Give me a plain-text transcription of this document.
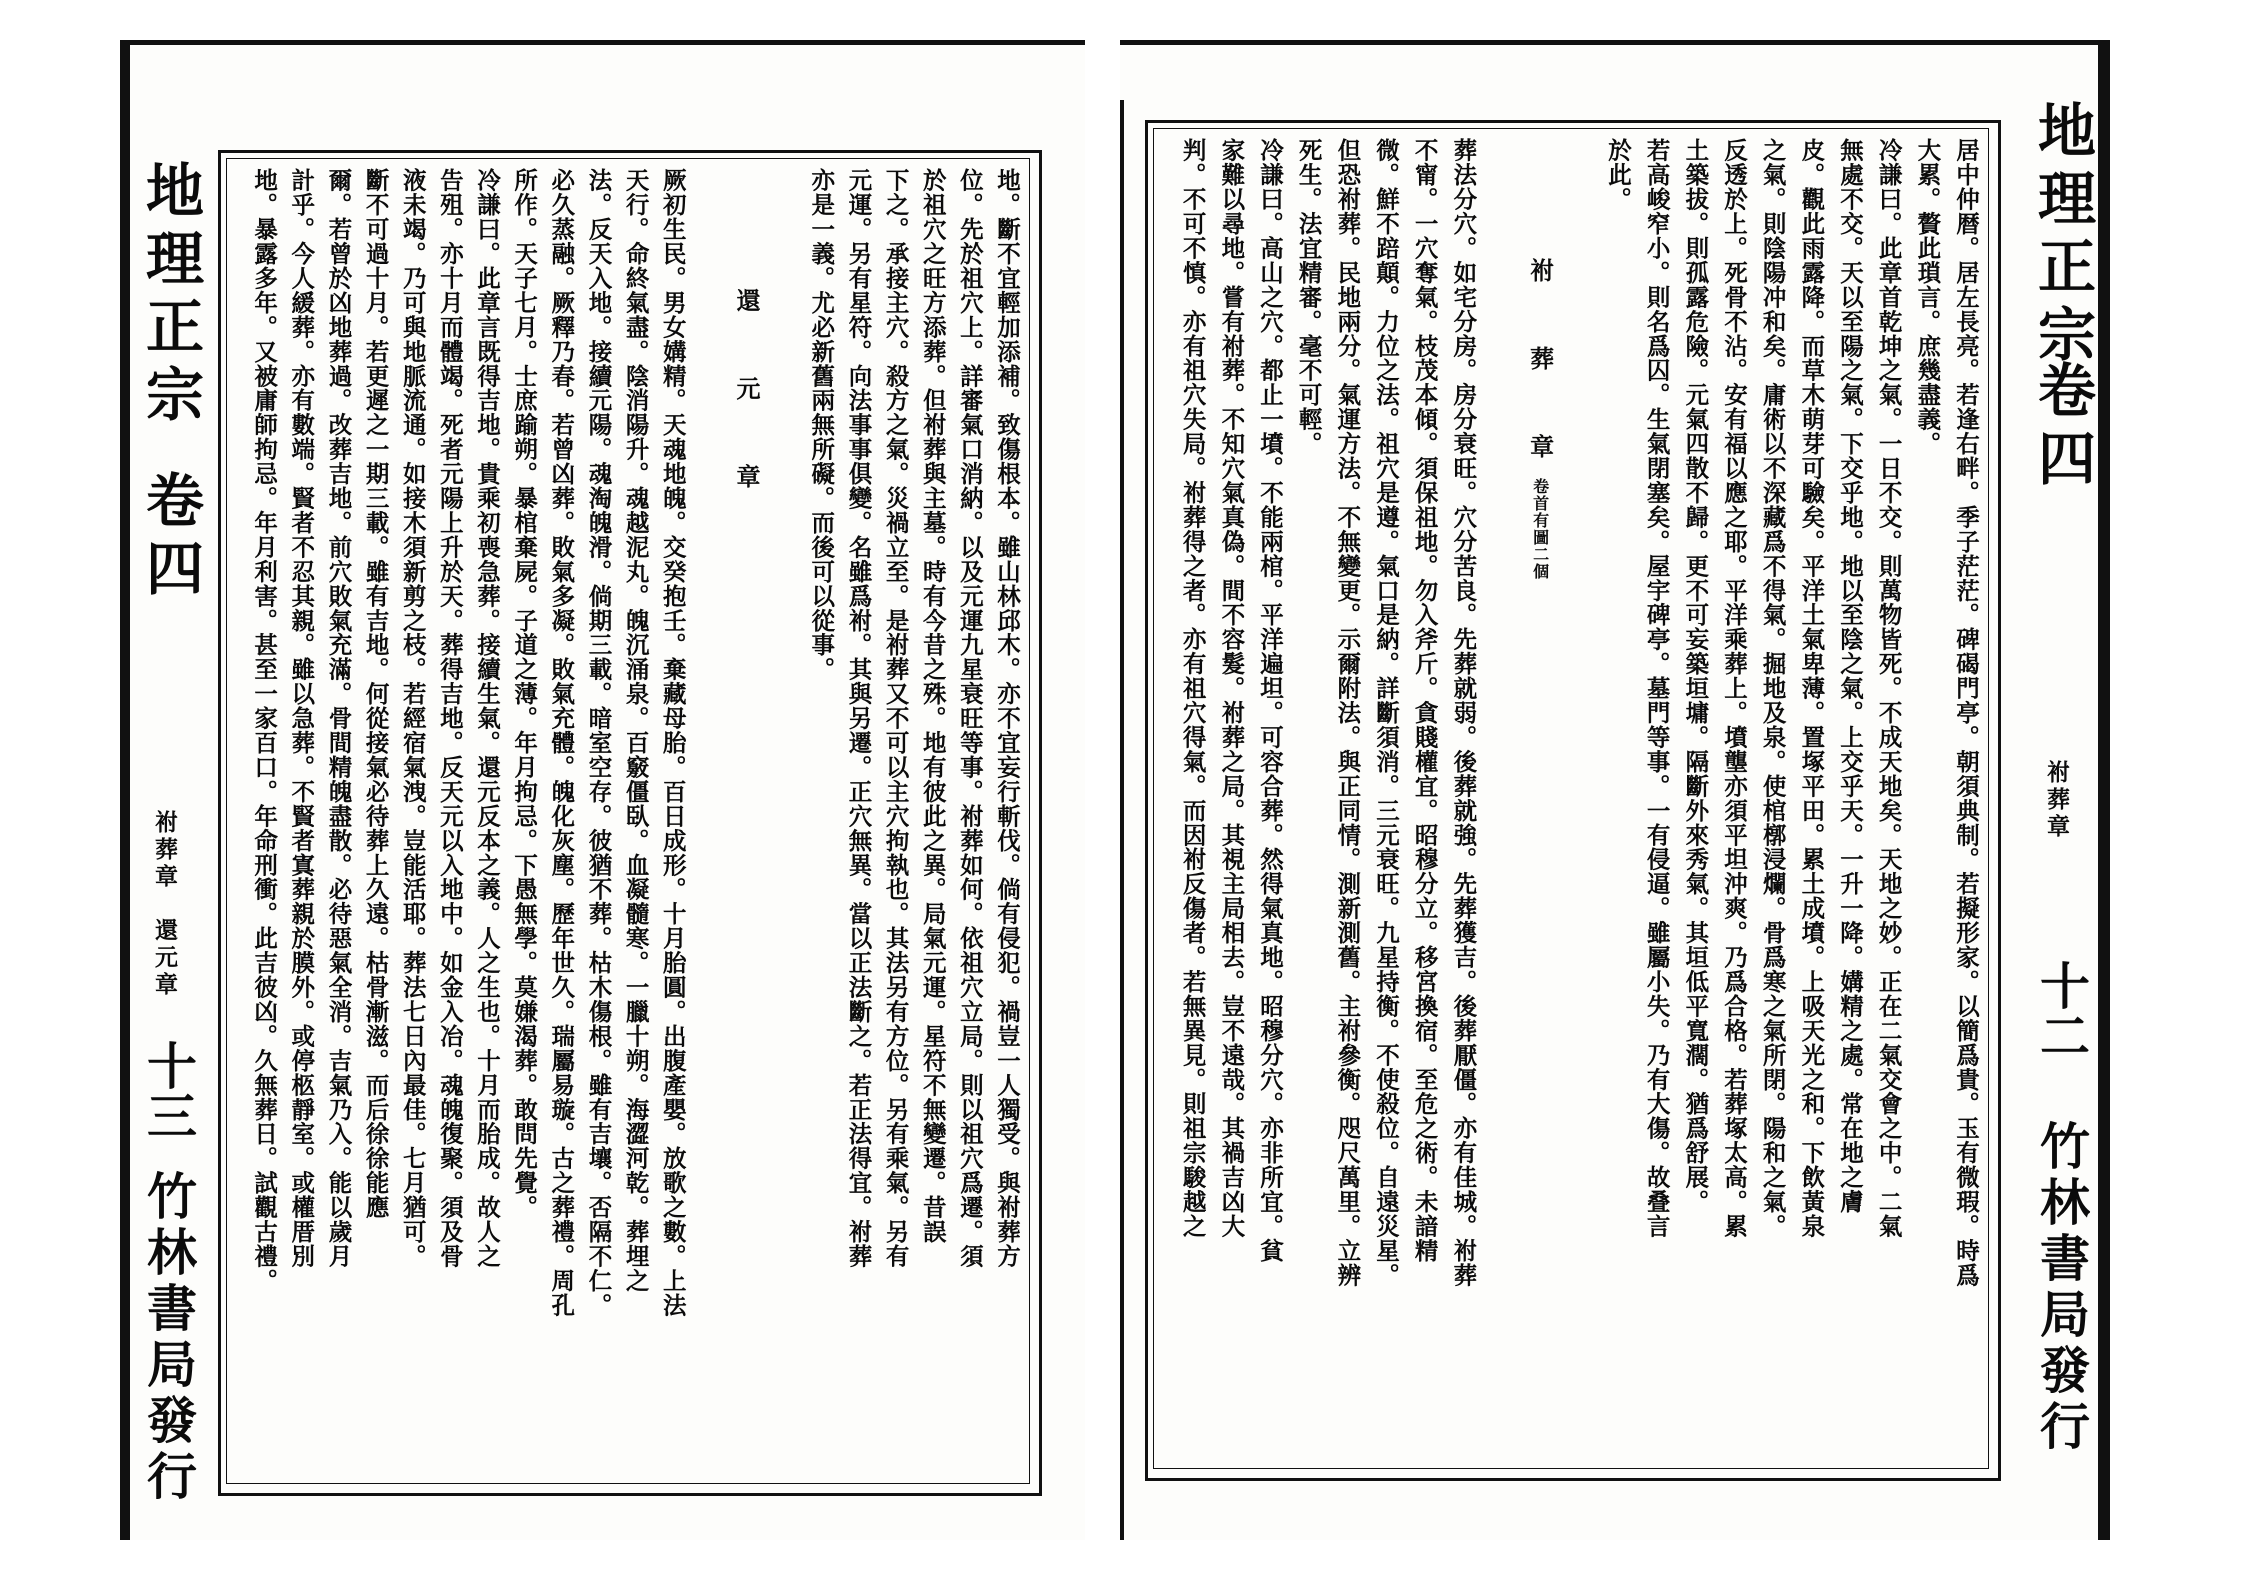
地理正宗
卷四
祔葬章　還元章
十三
竹林書局發行
地。斷不宜輕加添補。致傷根本。雖山林邱木。亦不宜妄行斬伐。倘有侵犯。禍豈一人獨受。與祔葬方
位。先於祖穴上。詳審氣口消納。以及元運九星衰旺等事。祔葬如何。依祖穴立局。則以祖穴爲遷。須
於祖穴之旺方添葬。但祔葬與主墓。時有今昔之殊。地有彼此之異。局氣元運。星符不無變遷。昔誤
下之。承接主穴。殺方之氣。災禍立至。是祔葬又不可以主穴拘執也。其法另有方位。另有乘氣。另有
元運。另有星符。向法事事俱變。名雖爲祔。其與另遷。正穴無異。當以正法斷之。若正法得宜。祔葬
亦是一義。尤必新舊兩無所礙。而後可以從事。
還　元　章
厥初生民。男女媾精。天魂地魄。交癸抱壬。棄藏母胎。百日成形。十月胎圓。出腹產嬰。放歌之數。上法
天行。命終氣盡。陰消陽升。魂越泥丸。魄沉涌泉。百竅僵臥。血凝髓寒。一臘十朔。海澀河乾。葬埋之
法。反天入地。接續元陽。魂淘魄滑。倘期三載。暗室空存。彼猶不葬。枯木傷根。雖有吉壤。否隔不仁。
必久蒸融。厥釋乃春。若曾凶葬。敗氣多凝。敗氣充體。魄化灰塵。歷年世久。瑞屬易璇。古之葬禮。周孔
所作。天子七月。士庶踰朔。暴棺棄屍。子道之薄。年月拘忌。下愚無學。莫嫌渴葬。敢問先覺。
冷謙曰。此章言既得吉地。貴乘初喪急葬。接續生氣。還元反本之義。人之生也。十月而胎成。故人之
告殂。亦十月而體竭。死者元陽上升於天。葬得吉地。反天元以入地中。如金入冶。魂魄復聚。須及骨
液未竭。乃可與地脈流通。如接木須新剪之枝。若經宿氣洩。豈能活耶。葬法七日內最佳。七月猶可。
斷不可過十月。若更遲之一期三載。雖有吉地。何從接氣必待葬上久遠。枯骨漸滋。而后徐徐能應
爾。若曾於凶地葬過。改葬吉地。前穴敗氣充滿。骨間精魄盡散。必待惡氣全消。吉氣乃入。能以歲月
計乎。今人緩葬。亦有數端。賢者不忍其親。雖以急葬。不賢者寘葬親於膜外。或停柩靜室。或權厝別
地。暴露多年。又被庸師拘忌。年月利害。甚至一家百口。年命刑衝。此吉彼凶。久無葬日。試觀古禮。	地理正宗
卷四
祔葬章
十二
竹林書局發行
居中仲暦。居左長亮。若逢右畔。季子茫茫。碑碣門亭。朝須典制。若擬形家。以簡爲貴。玉有微瑕。時爲
大累。贅此瑣言。庶幾盡義。
冷謙曰。此章首乾坤之氣。一日不交。則萬物皆死。不成天地矣。天地之妙。正在二氣交會之中。二氣
無處不交。天以至陽之氣。下交乎地。地以至陰之氣。上交乎天。一升一降。媾精之處。常在地之膚
皮。觀此雨露降。而草木萌芽可驗矣。平洋土氣卑薄。置塚平田。累土成墳。上吸天光之和。下飲黃泉
之氣。則陰陽冲和矣。庸術以不深藏爲不得氣。掘地及泉。使棺槨浸爛。骨爲寒之氣所閉。陽和之氣。
反透於上。死骨不沾。安有福以應之耶。平洋乘葬上。墳壟亦須平坦沖爽。乃爲合格。若葬塚太高。累
土築拔。則孤露危險。元氣四散不歸。更不可妄築垣墉。隔斷外來秀氣。其垣低平寬濶。猶爲舒展。
若高峻窄小。則名爲囚。生氣閉塞矣。屋宇碑亭。墓門等事。一有侵逼。雖屬小失。乃有大傷。故叠言
於此。
祔　葬　章卷首有圖二個
葬法分穴。如宅分房。房分衰旺。穴分苦良。先葬就弱。後葬就強。先葬獲吉。後葬厭僵。亦有佳城。祔葬
不甯。一穴奪氣。枝茂本傾。須保祖地。勿入斧斤。貪賤權宜。昭穆分立。移宮換宿。至危之術。未諳精
微。鮮不踣顛。力位之法。祖穴是遵。氣口是納。詳斷須消。三元衰旺。九星持衡。不使殺位。自遠災星。
但恐祔葬。民地兩分。氣運方法。不無變更。示爾附法。與正同情。測新測舊。主祔參衡。咫尺萬里。立辨
死生。法宜精審。毫不可輕。
冷謙曰。高山之穴。都止一墳。不能兩棺。平洋遍坦。可容合葬。然得氣真地。昭穆分穴。亦非所宜。貧
家難以尋地。嘗有祔葬。不知穴氣真偽。間不容髮。祔葬之局。其視主局相去。豈不遠哉。其禍吉凶大
判。不可不慎。亦有祖穴失局。祔葬得之者。亦有祖穴得氣。而因祔反傷者。若無異見。則祖宗駿越之
